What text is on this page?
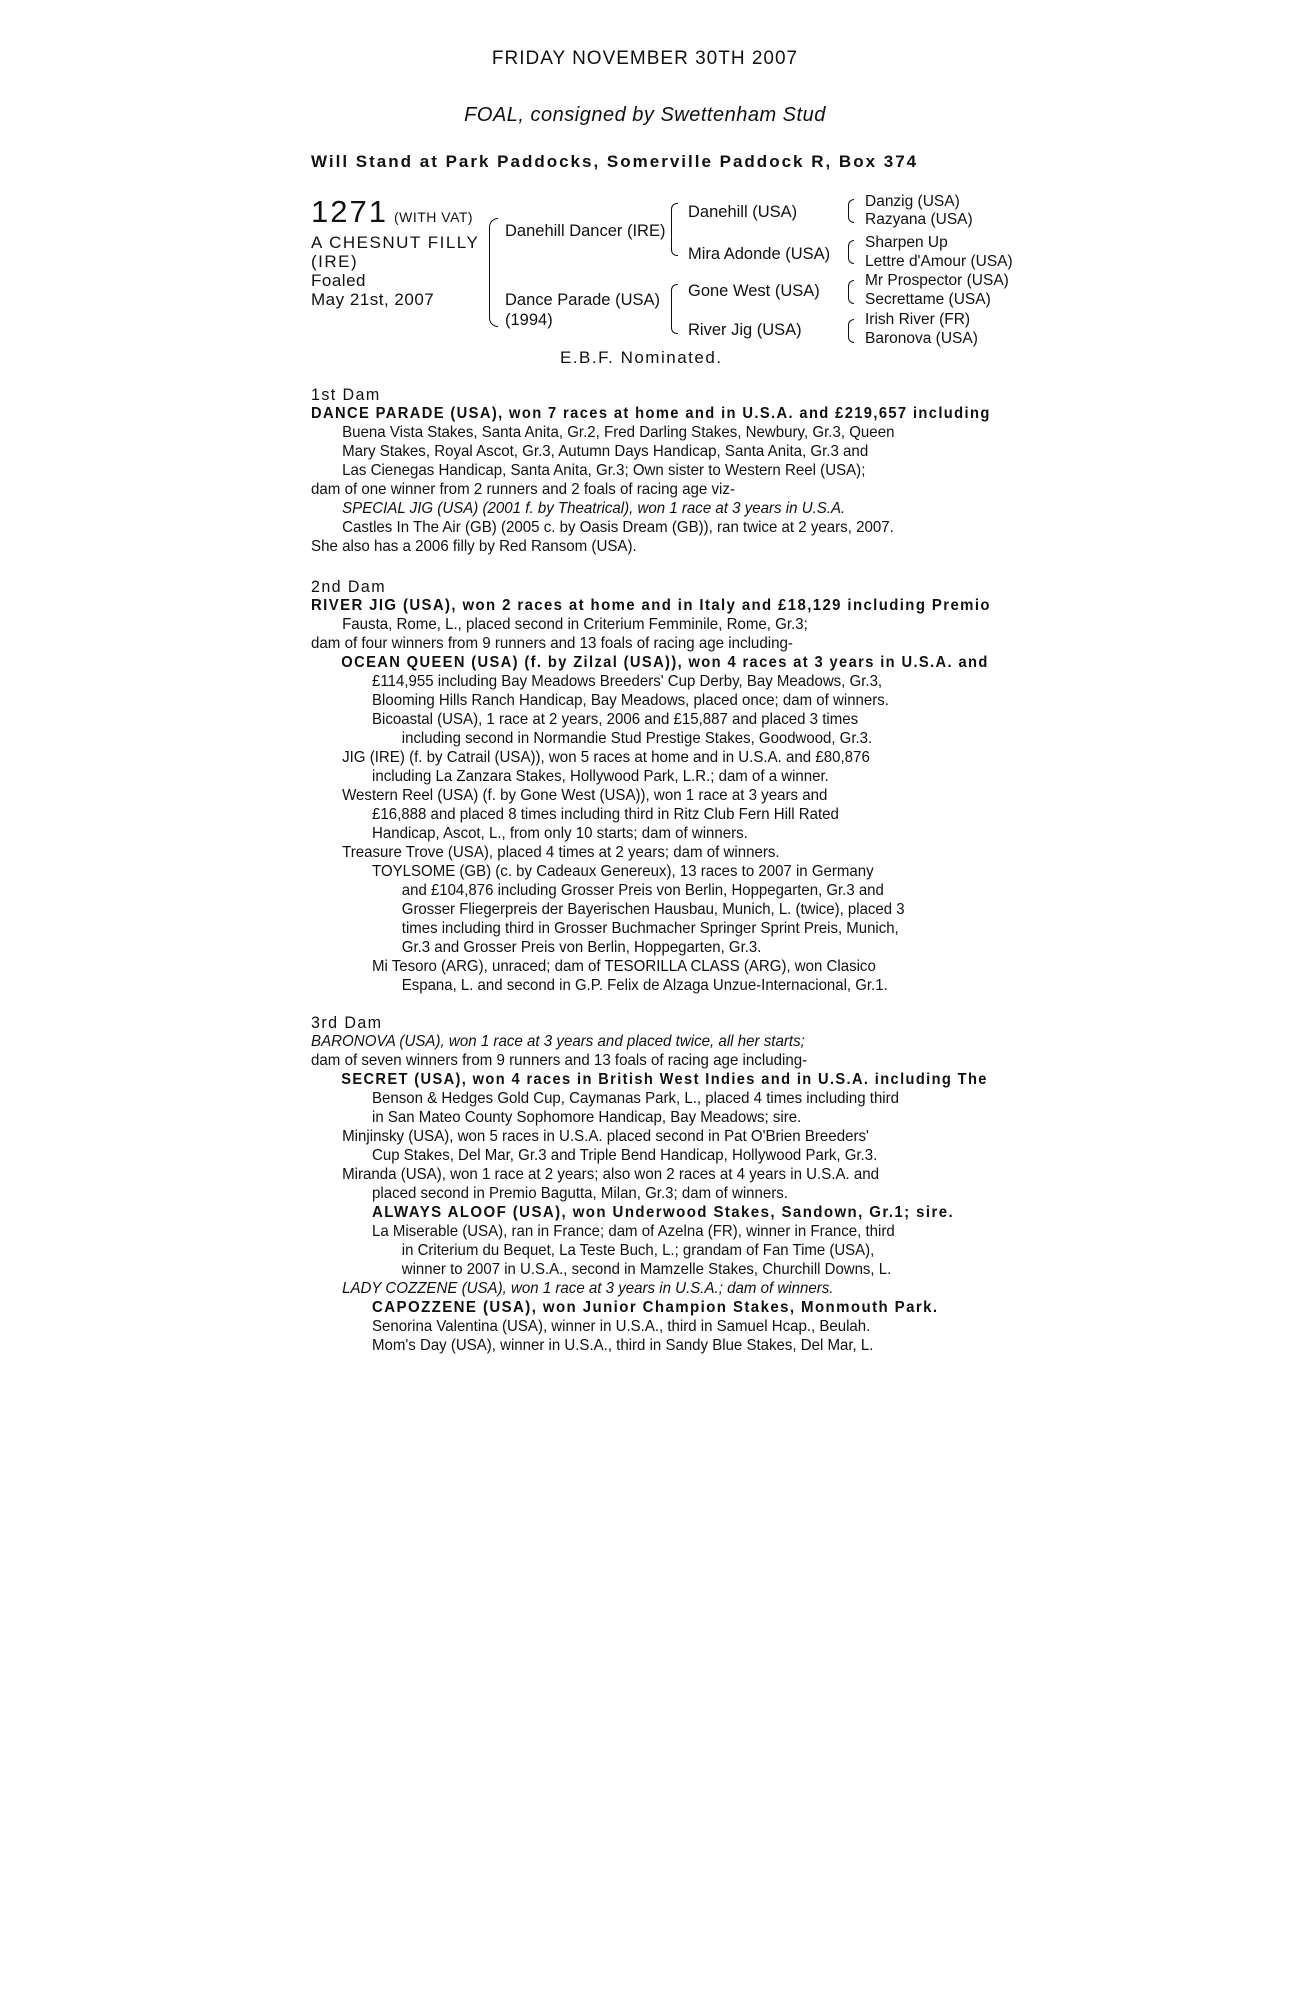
FRIDAY NOVEMBER 30TH 2007
FOAL, consigned by Swettenham Stud
Will Stand at Park Paddocks, Somerville Paddock R, Box 374
1271 (WITH VAT)
A CHESNUT FILLY
(IRE)
Foaled
May 21st, 2007
Danehill Dancer (IRE)
Dance Parade (USA)
(1994)
Danehill (USA)
Mira Adonde (USA)
Gone West (USA)
River Jig (USA)
Danzig (USA)
Razyana (USA)
Sharpen Up
Lettre d'Amour (USA)
Mr Prospector (USA)
Secrettame (USA)
Irish River (FR)
Baronova (USA)
E.B.F. Nominated.

1st Dam

DANCE PARADE (USA), won 7 races at home and in U.S.A. and £219,657 including

Buena Vista Stakes, Santa Anita, Gr.2, Fred Darling Stakes, Newbury, Gr.3, Queen

Mary Stakes, Royal Ascot, Gr.3, Autumn Days Handicap, Santa Anita, Gr.3 and

Las Cienegas Handicap, Santa Anita, Gr.3; Own sister to Western Reel (USA);

dam of one winner from 2 runners and 2 foals of racing age viz-

SPECIAL JIG (USA) (2001 f. by Theatrical), won 1 race at 3 years in U.S.A.

Castles In The Air (GB) (2005 c. by Oasis Dream (GB)), ran twice at 2 years, 2007.

She also has a 2006 filly by Red Ransom (USA).

2nd Dam

RIVER JIG (USA), won 2 races at home and in Italy and £18,129 including Premio

Fausta, Rome, L., placed second in Criterium Femminile, Rome, Gr.3;

dam of four winners from 9 runners and 13 foals of racing age including-

OCEAN QUEEN (USA) (f. by Zilzal (USA)), won 4 races at 3 years in U.S.A. and

£114,955 including Bay Meadows Breeders' Cup Derby, Bay Meadows, Gr.3,

Blooming Hills Ranch Handicap, Bay Meadows, placed once; dam of winners.

Bicoastal (USA), 1 race at 2 years, 2006 and £15,887 and placed 3 times

including second in Normandie Stud Prestige Stakes, Goodwood, Gr.3.

JIG (IRE) (f. by Catrail (USA)), won 5 races at home and in U.S.A. and £80,876

including La Zanzara Stakes, Hollywood Park, L.R.; dam of a winner.

Western Reel (USA) (f. by Gone West (USA)), won 1 race at 3 years and

£16,888 and placed 8 times including third in Ritz Club Fern Hill Rated

Handicap, Ascot, L., from only 10 starts; dam of winners.

Treasure Trove (USA), placed 4 times at 2 years; dam of winners.

TOYLSOME (GB) (c. by Cadeaux Genereux), 13 races to 2007 in Germany

and £104,876 including Grosser Preis von Berlin, Hoppegarten, Gr.3 and

Grosser Fliegerpreis der Bayerischen Hausbau, Munich, L. (twice), placed 3

times including third in Grosser Buchmacher Springer Sprint Preis, Munich,

Gr.3 and Grosser Preis von Berlin, Hoppegarten, Gr.3.

Mi Tesoro (ARG), unraced; dam of TESORILLA CLASS (ARG), won Clasico

Espana, L. and second in G.P. Felix de Alzaga Unzue-Internacional, Gr.1.

3rd Dam

BARONOVA (USA), won 1 race at 3 years and placed twice, all her starts;

dam of seven winners from 9 runners and 13 foals of racing age including-

SECRET (USA), won 4 races in British West Indies and in U.S.A. including The

Benson & Hedges Gold Cup, Caymanas Park, L., placed 4 times including third

in San Mateo County Sophomore Handicap, Bay Meadows; sire.

Minjinsky (USA), won 5 races in U.S.A. placed second in Pat O'Brien Breeders'

Cup Stakes, Del Mar, Gr.3 and Triple Bend Handicap, Hollywood Park, Gr.3.

Miranda (USA), won 1 race at 2 years; also won 2 races at 4 years in U.S.A. and

placed second in Premio Bagutta, Milan, Gr.3; dam of winners.

ALWAYS ALOOF (USA), won Underwood Stakes, Sandown, Gr.1; sire.

La Miserable (USA), ran in France; dam of Azelna (FR), winner in France, third

in Criterium du Bequet, La Teste Buch, L.; grandam of Fan Time (USA),

winner to 2007 in U.S.A., second in Mamzelle Stakes, Churchill Downs, L.

LADY COZZENE (USA), won 1 race at 3 years in U.S.A.; dam of winners.

CAPOZZENE (USA), won Junior Champion Stakes, Monmouth Park.

Senorina Valentina (USA), winner in U.S.A., third in Samuel Hcap., Beulah.

Mom's Day (USA), winner in U.S.A., third in Sandy Blue Stakes, Del Mar, L.
